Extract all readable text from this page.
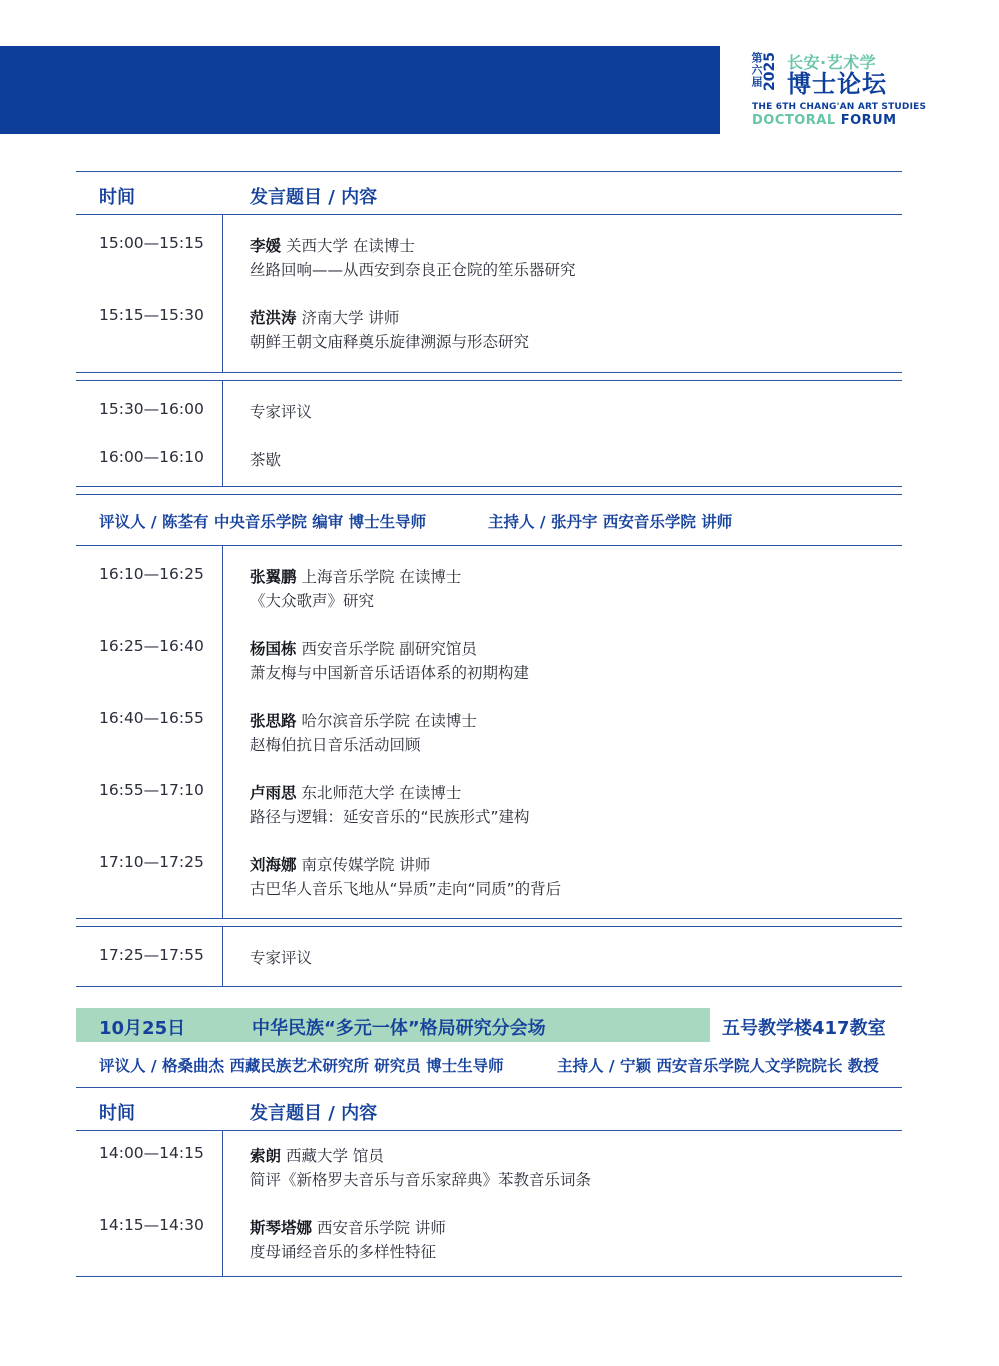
第六届 2025 长安·艺术学
博士论坛
THE 6TH CHANG'AN ART STUDIES
DOCTORAL FORUM
时间	发言题目 / 内容
15:00—15:15	李媛 关西大学 在读博士
丝路回响——从西安到奈良正仓院的笙乐器研究
15:15—15:30	范洪涛 济南大学 讲师
朝鲜王朝文庙释奠乐旋律溯源与形态研究
15:30—16:00	专家评议
16:00—16:10	茶歇
评议人 / 陈荃有 中央音乐学院 编审 博士生导师	主持人 / 张丹宇 西安音乐学院 讲师
16:10—16:25	张翼鹏 上海音乐学院 在读博士
《大众歌声》研究
16:25—16:40	杨国栋 西安音乐学院 副研究馆员
萧友梅与中国新音乐话语体系的初期构建
16:40—16:55	张思路 哈尔滨音乐学院 在读博士
赵梅伯抗日音乐活动回顾
16:55—17:10	卢雨思 东北师范大学 在读博士
路径与逻辑：延安音乐的“民族形式”建构
17:10—17:25	刘海娜 南京传媒学院 讲师
古巴华人音乐飞地从“异质”走向“同质”的背后
17:25—17:55	专家评议
10月25日	中华民族“多元一体”格局研究分会场	五号教学楼417教室
评议人 / 格桑曲杰 西藏民族艺术研究所 研究员 博士生导师	主持人 / 宁颖 西安音乐学院人文学院院长 教授
时间	发言题目 / 内容
14:00—14:15	索朗 西藏大学 馆员
简评《新格罗夫音乐与音乐家辞典》苯教音乐词条
14:15—14:30	斯琴塔娜 西安音乐学院 讲师
度母诵经音乐的多样性特征
